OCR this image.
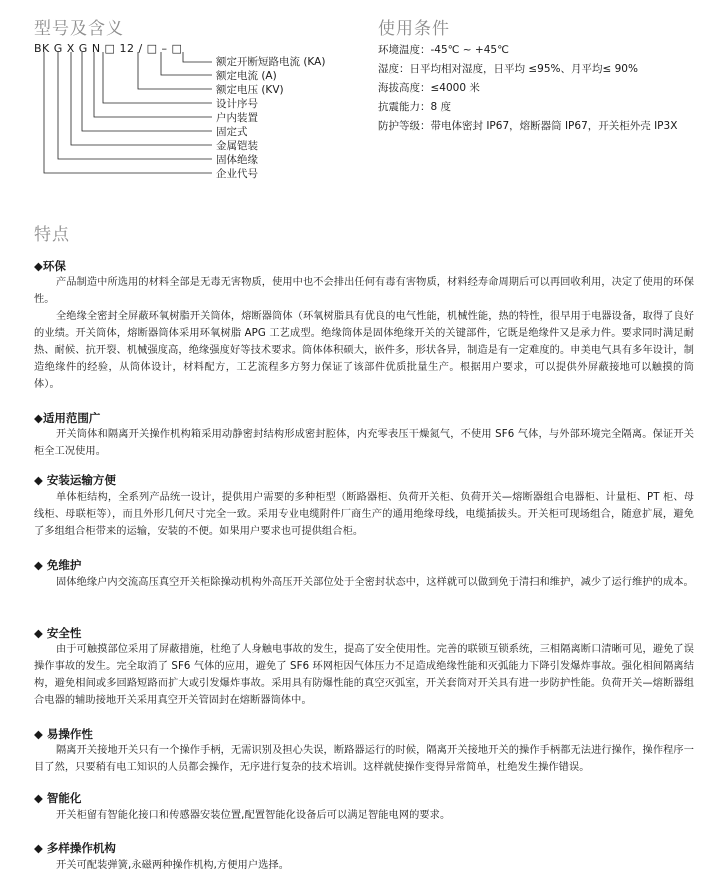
型号及含义
BK G X G N □ 12 / □ – □
额定开断短路电流 (KA)
额定电流 (A)
额定电压 (KV)
设计序号
户内装置
固定式
金属铠装
固体绝缘
企业代号
使用条件
环境温度：-45℃ ~ +45℃
湿度：日平均相对湿度，日平均 ≤95%、月平均≤ 90%
海拔高度：≤4000 米
抗震能力：8 度
防护等级：带电体密封 IP67，熔断器筒 IP67，开关柜外壳 IP3X
特点
◆环保
产品制造中所选用的材料全部是无毒无害物质，使用中也不会排出任何有毒有害物质，材料经寿命周期后可以再回收利用，决定了使用的环保性。
全绝缘全密封全屏蔽环氧树脂开关筒体，熔断器筒体（环氧树脂具有优良的电气性能，机械性能，热的特性，很早用于电器设备，取得了良好的业绩。开关筒体，熔断器筒体采用环氧树脂 APG 工艺成型。绝缘筒体是固体绝缘开关的关键部件，它既是绝缘件又是承力件。要求同时满足耐热、耐候、抗开裂、机械强度高，绝缘强度好等技术要求。筒体体积硕大，嵌件多，形状各异，制造是有一定难度的。申美电气具有多年设计，制造绝缘件的经验，从筒体设计，材料配方，工艺流程多方努力保证了该部件优质批量生产。根据用户要求，可以提供外屏蔽接地可以触摸的筒体）。
◆适用范围广
开关筒体和隔离开关操作机构箱采用动静密封结构形成密封腔体，内充零表压干燥氮气，不使用 SF6 气体，与外部环境完全隔离。保证开关柜全工况使用。
◆ 安装运输方便
单体柜结构，全系列产品统一设计，提供用户需要的多种柜型（断路器柜、负荷开关柜、负荷开关—熔断器组合电器柜、计量柜、PT 柜、母线柜、母联柜等），而且外形几何尺寸完全一致。采用专业电缆附件厂商生产的通用绝缘母线，电缆插拔头。开关柜可现场组合，随意扩展，避免了多组组合柜带来的运输，安装的不便。如果用户要求也可提供组合柜。
◆ 免维护
固体绝缘户内交流高压真空开关柜除操动机构外高压开关部位处于全密封状态中，这样就可以做到免于清扫和维护，减少了运行维护的成本。
◆ 安全性
由于可触摸部位采用了屏蔽措施，杜绝了人身触电事故的发生，提高了安全使用性。完善的联锁互锁系统，三相隔离断口清晰可见，避免了误操作事故的发生。完全取消了 SF6 气体的应用，避免了 SF6 环网柜因气体压力不足造成绝缘性能和灭弧能力下降引发爆炸事故。强化相间隔离结构，避免相间或多回路短路而扩大或引发爆炸事故。采用具有防爆性能的真空灭弧室，开关套筒对开关具有进一步防护性能。负荷开关—熔断器组合电器的辅助接地开关采用真空开关管固封在熔断器筒体中。
◆ 易操作性
隔离开关接地开关只有一个操作手柄，无需识别及担心失误，断路器运行的时候，隔离开关接地开关的操作手柄都无法进行操作，操作程序一目了然，只要稍有电工知识的人员都会操作，无序进行复杂的技术培训。这样就使操作变得异常简单，杜绝发生操作错误。
◆ 智能化
开关柜留有智能化接口和传感器安装位置,配置智能化设备后可以满足智能电网的要求。
◆ 多样操作机构
开关可配装弹簧,永磁两种操作机构,方便用户选择。
